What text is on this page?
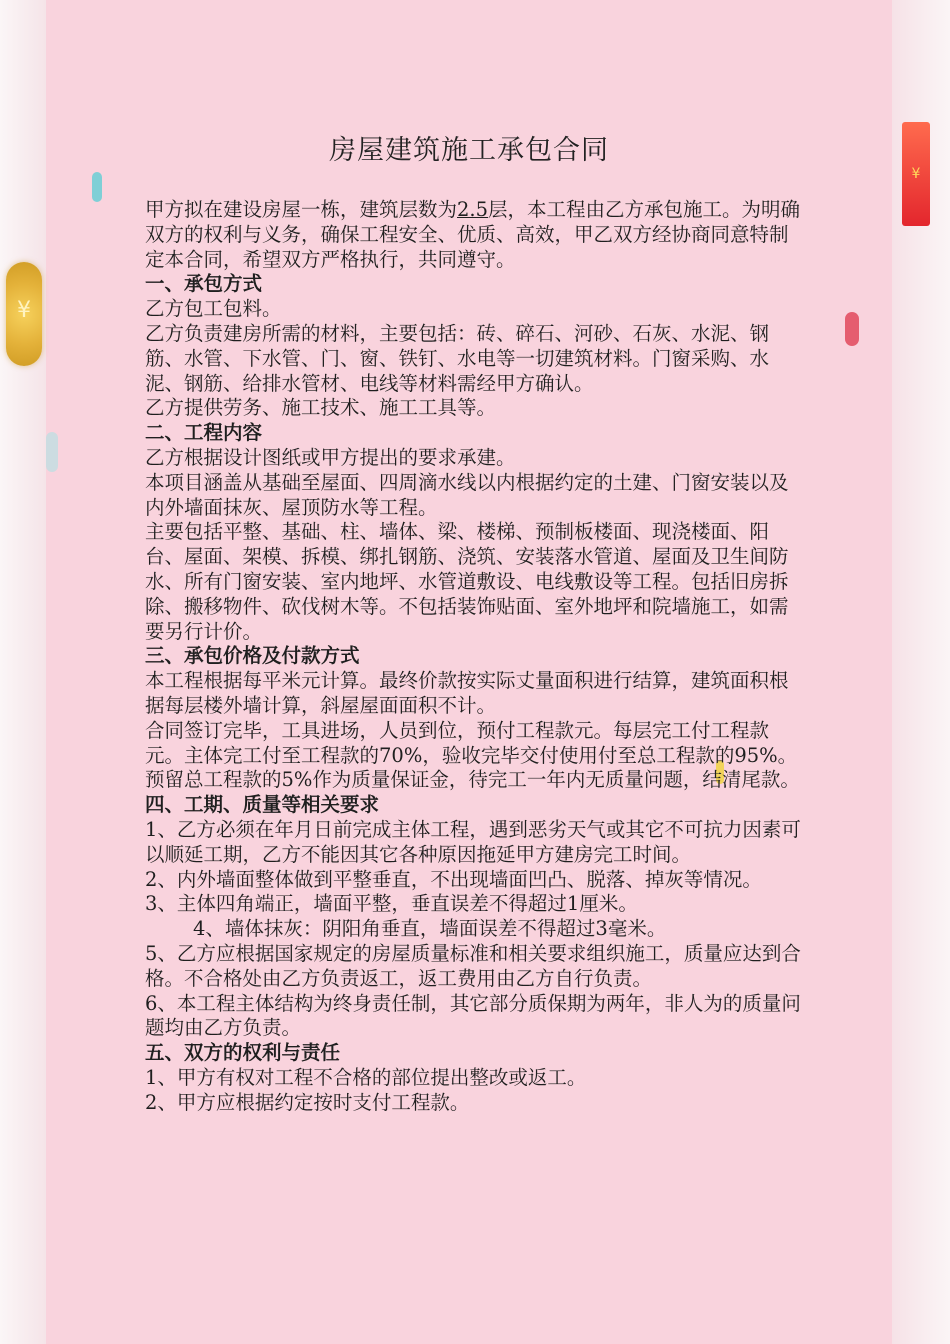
¥
¥
房屋建筑施工承包合同

甲方拟在建设房屋一栋，建筑层数为2.5层，本工程由乙方承包施工。为明确双方的权利与义务，确保工程安全、优质、高效，甲乙双方经协商同意特制定本合同，希望双方严格执行，共同遵守。

一、承包方式

乙方包工包料。

乙方负责建房所需的材料，主要包括：砖、碎石、河砂、石灰、水泥、钢筋、水管、下水管、门、窗、铁钉、水电等一切建筑材料。门窗采购、水泥、钢筋、给排水管材、电线等材料需经甲方确认。

乙方提供劳务、施工技术、施工工具等。

二、工程内容

乙方根据设计图纸或甲方提出的要求承建。

本项目涵盖从基础至屋面、四周滴水线以内根据约定的土建、门窗安装以及内外墙面抹灰、屋顶防水等工程。

主要包括平整、基础、柱、墙体、梁、楼梯、预制板楼面、现浇楼面、阳台、屋面、架模、拆模、绑扎钢筋、浇筑、安装落水管道、屋面及卫生间防水、所有门窗安装、室内地坪、水管道敷设、电线敷设等工程。包括旧房拆除、搬移物件、砍伐树木等。不包括装饰贴面、室外地坪和院墙施工，如需要另行计价。

三、承包价格及付款方式

本工程根据每平米元计算。最终价款按实际丈量面积进行结算，建筑面积根据每层楼外墙计算，斜屋屋面面积不计。

合同签订完毕，工具进场，人员到位，预付工程款元。每层完工付工程款元。主体完工付至工程款的70%，验收完毕交付使用付至总工程款的95%。预留总工程款的5%作为质量保证金，待完工一年内无质量问题，结清尾款。

四、工期、质量等相关要求

1、乙方必须在年月日前完成主体工程，遇到恶劣天气或其它不可抗力因素可以顺延工期，乙方不能因其它各种原因拖延甲方建房完工时间。

2、内外墙面整体做到平整垂直，不出现墙面凹凸、脱落、掉灰等情况。

3、主体四角端正，墙面平整，垂直误差不得超过1厘米。

4、墙体抹灰：阴阳角垂直，墙面误差不得超过3毫米。

5、乙方应根据国家规定的房屋质量标准和相关要求组织施工，质量应达到合格。不合格处由乙方负责返工，返工费用由乙方自行负责。

6、本工程主体结构为终身责任制，其它部分质保期为两年，非人为的质量问题均由乙方负责。

五、双方的权利与责任

1、甲方有权对工程不合格的部位提出整改或返工。

2、甲方应根据约定按时支付工程款。
